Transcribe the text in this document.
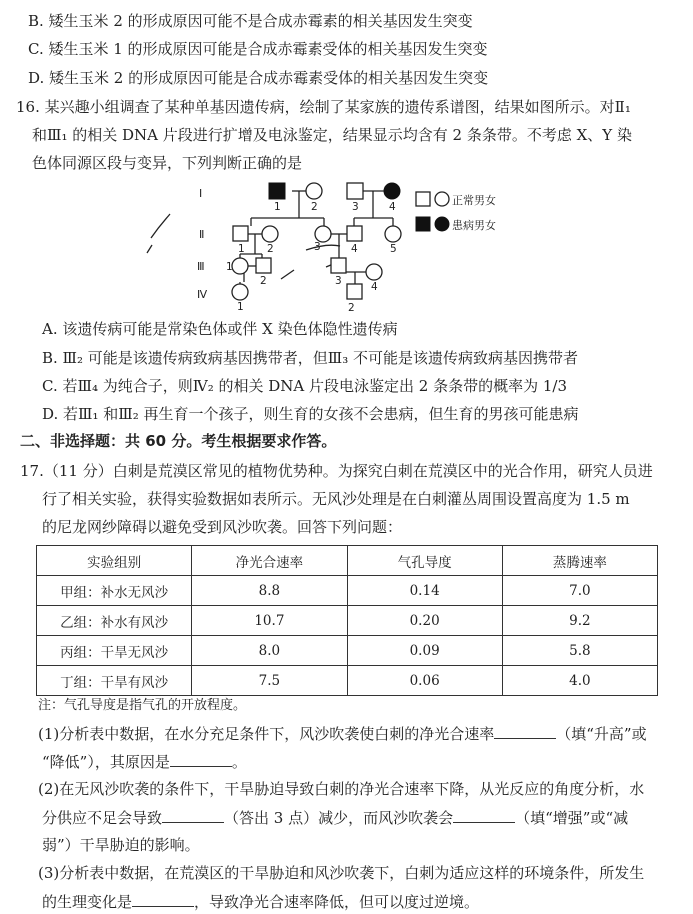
B. 矮生玉米 2 的形成原因可能不是合成赤霉素的相关基因发生突变
C. 矮生玉米 1 的形成原因可能是合成赤霉素受体的相关基因发生突变
D. 矮生玉米 2 的形成原因可能是合成赤霉素受体的相关基因发生突变
16. 某兴趣小组调查了某种单基因遗传病，绘制了某家族的遗传系谱图，结果如图所示。对Ⅱ₁
和Ⅲ₁ 的相关 DNA 片段进行扩增及电泳鉴定，结果显示均含有 2 条条带。不考虑 X、Y 染
色体同源区段与变异，下列判断正确的是
Ⅰ
Ⅱ
Ⅲ
Ⅳ
1	2	3	4
1 2	3	4	5
1
2	3	4
1	2
正常男女
患病男女
A. 该遗传病可能是常染色体或伴 X 染色体隐性遗传病
B. Ⅲ₂ 可能是该遗传病致病基因携带者，但Ⅲ₃ 不可能是该遗传病致病基因携带者
C. 若Ⅲ₄ 为纯合子，则Ⅳ₂ 的相关 DNA 片段电泳鉴定出 2 条条带的概率为 1/3
D. 若Ⅲ₁ 和Ⅲ₂ 再生育一个孩子，则生育的女孩不会患病，但生育的男孩可能患病
二、非选择题：共 60 分。考生根据要求作答。
17.（11 分）白刺是荒漠区常见的植物优势种。为探究白刺在荒漠区中的光合作用，研究人员进
行了相关实验，获得实验数据如表所示。无风沙处理是在白刺灌丛周围设置高度为 1.5 m
的尼龙网纱障碍以避免受到风沙吹袭。回答下列问题：
实验组别	净光合速率	气孔导度	蒸腾速率
甲组：补水无风沙	8.8	0.14	7.0
乙组：补水有风沙	10.7	0.20	9.2
丙组：干旱无风沙	8.0	0.09	5.8
丁组：干旱有风沙	7.5	0.06	4.0
注：气孔导度是指气孔的开放程度。
(1)分析表中数据，在水分充足条件下，风沙吹袭使白刺的净光合速率	（填“升高”或
“降低”），其原因是	。
(2)在无风沙吹袭的条件下，干旱胁迫导致白刺的净光合速率下降，从光反应的角度分析，水
分供应不足会导致	（答出 3 点）减少，而风沙吹袭会	（填“增强”或“减
弱”）干旱胁迫的影响。
(3)分析表中数据，在荒漠区的干旱胁迫和风沙吹袭下，白刺为适应这样的环境条件，所发生
的生理变化是	，导致净光合速率降低，但可以度过逆境。
